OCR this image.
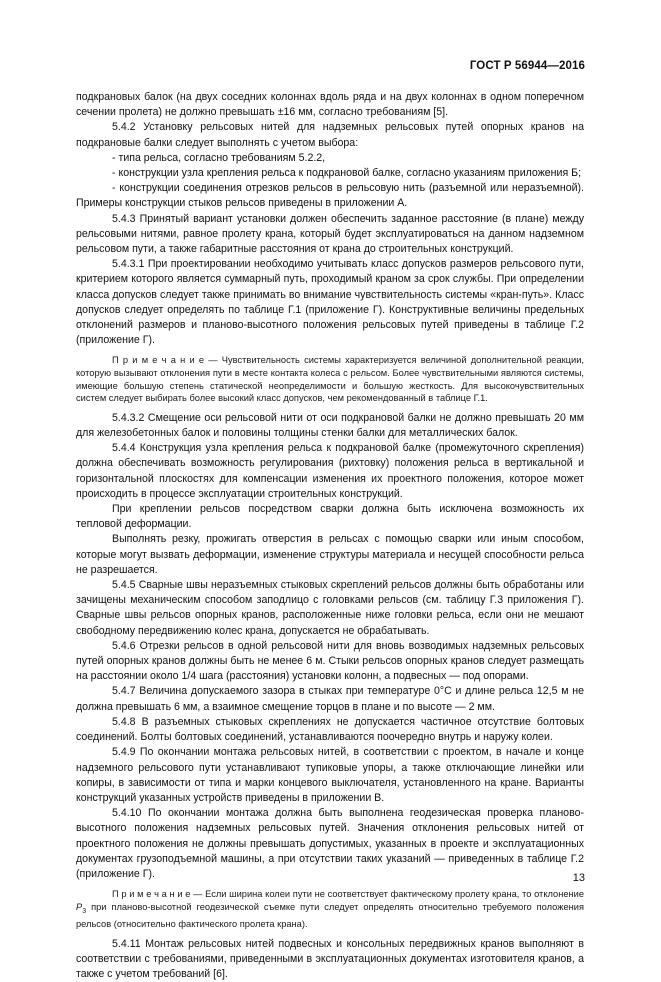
ГОСТ Р 56944—2016

подкрановых балок (на двух соседних колоннах вдоль ряда и на двух колоннах в одном поперечном сечении пролета) не должно превышать ±16 мм, согласно требованиям [5].

5.4.2 Установку рельсовых нитей для надземных рельсовых путей опорных кранов на подкрановые балки следует выполнять с учетом выбора:

- типа рельса, согласно требованиям 5.2.2,

- конструкции узла крепления рельса к подкрановой балке, согласно указаниям приложения Б;

- конструкции соединения отрезков рельсов в рельсовую нить (разъемной или неразъемной). Примеры конструкции стыков рельсов приведены в приложении А.

5.4.3 Принятый вариант установки должен обеспечить заданное расстояние (в плане) между рельсовыми нитями, равное пролету крана, который будет эксплуатироваться на данном надземном рельсовом пути, а также габаритные расстояния от крана до строительных конструкций.

5.4.3.1 При проектировании необходимо учитывать класс допусков размеров рельсового пути, критерием которого является суммарный путь, проходимый краном за срок службы. При определении класса допусков следует также принимать во внимание чувствительность системы «кран-путь». Класс допусков следует определять по таблице Г.1 (приложение Г). Конструктивные величины предельных отклонений размеров и планово-высотного положения рельсовых путей приведены в таблице Г.2 (приложение Г).

П р и м е ч а н и е — Чувствительность системы характеризуется величиной дополнительной реакции, которую вызывают отклонения пути в месте контакта колеса с рельсом. Более чувствительными являются системы, имеющие большую степень статической неопределимости и большую жесткость. Для высокочувствительных систем следует выбирать более высокий класс допусков, чем рекомендованный в таблице Г.1.

5.4.3.2 Смещение оси рельсовой нити от оси подкрановой балки не должно превышать 20 мм для железобетонных балок и половины толщины стенки балки для металлических балок.

5.4.4 Конструкция узла крепления рельса к подкрановой балке (промежуточного скрепления) должна обеспечивать возможность регулирования (рихтовку) положения рельса в вертикальной и горизонтальной плоскостях для компенсации изменения их проектного положения, которое может происходить в процессе эксплуатации строительных конструкций.

При креплении рельсов посредством сварки должна быть исключена возможность их тепловой деформации.

Выполнять резку, прожигать отверстия в рельсах с помощью сварки или иным способом, которые могут вызвать деформации, изменение структуры материала и несущей способности рельса не разрешается.

5.4.5 Сварные швы неразъемных стыковых скреплений рельсов должны быть обработаны или зачищены механическим способом заподлицо с головками рельсов (см. таблицу Г.3 приложения Г). Сварные швы рельсов опорных кранов, расположенные ниже головки рельса, если они не мешают свободному передвижению колес крана, допускается не обрабатывать.

5.4.6 Отрезки рельсов в одной рельсовой нити для вновь возводимых надземных рельсовых путей опорных кранов должны быть не менее 6 м. Стыки рельсов опорных кранов следует размещать на расстоянии около 1/4 шага (расстояния) установки колонн, а подвесных — под опорами.

5.4.7 Величина допускаемого зазора в стыках при температуре 0°С и длине рельса 12,5 м не должна превышать 6 мм, а взаимное смещение торцов в плане и по высоте — 2 мм.

5.4.8 В разъемных стыковых скреплениях не допускается частичное отсутствие болтовых соединений. Болты болтовых соединений, устанавливаются поочередно внутрь и наружу колеи.

5.4.9 По окончании монтажа рельсовых нитей, в соответствии с проектом, в начале и конце надземного рельсового пути устанавливают тупиковые упоры, а также отключающие линейки или копиры, в зависимости от типа и марки концевого выключателя, установленного на кране. Варианты конструкций указанных устройств приведены в приложении В.

5.4.10 По окончании монтажа должна быть выполнена геодезическая проверка планово-высотного положения надземных рельсовых путей. Значения отклонения рельсовых нитей от проектного положения не должны превышать допустимых, указанных в проекте и эксплуатационных документах грузоподъемной машины, а при отсутствии таких указаний — приведенных в таблице Г.2 (приложение Г).

П р и м е ч а н и е — Если ширина колеи пути не соответствует фактическому пролету крана, то отклонение $P_3$ при планово-высотной геодезической съемке пути следует определять относительно требуемого положения рельсов (относительно фактического пролета крана).

5.4.11 Монтаж рельсовых нитей подвесных и консольных передвижных кранов выполняют в соответствии с требованиями, приведенными в эксплуатационных документах изготовителя кранов, а также с учетом требований [6].

13
